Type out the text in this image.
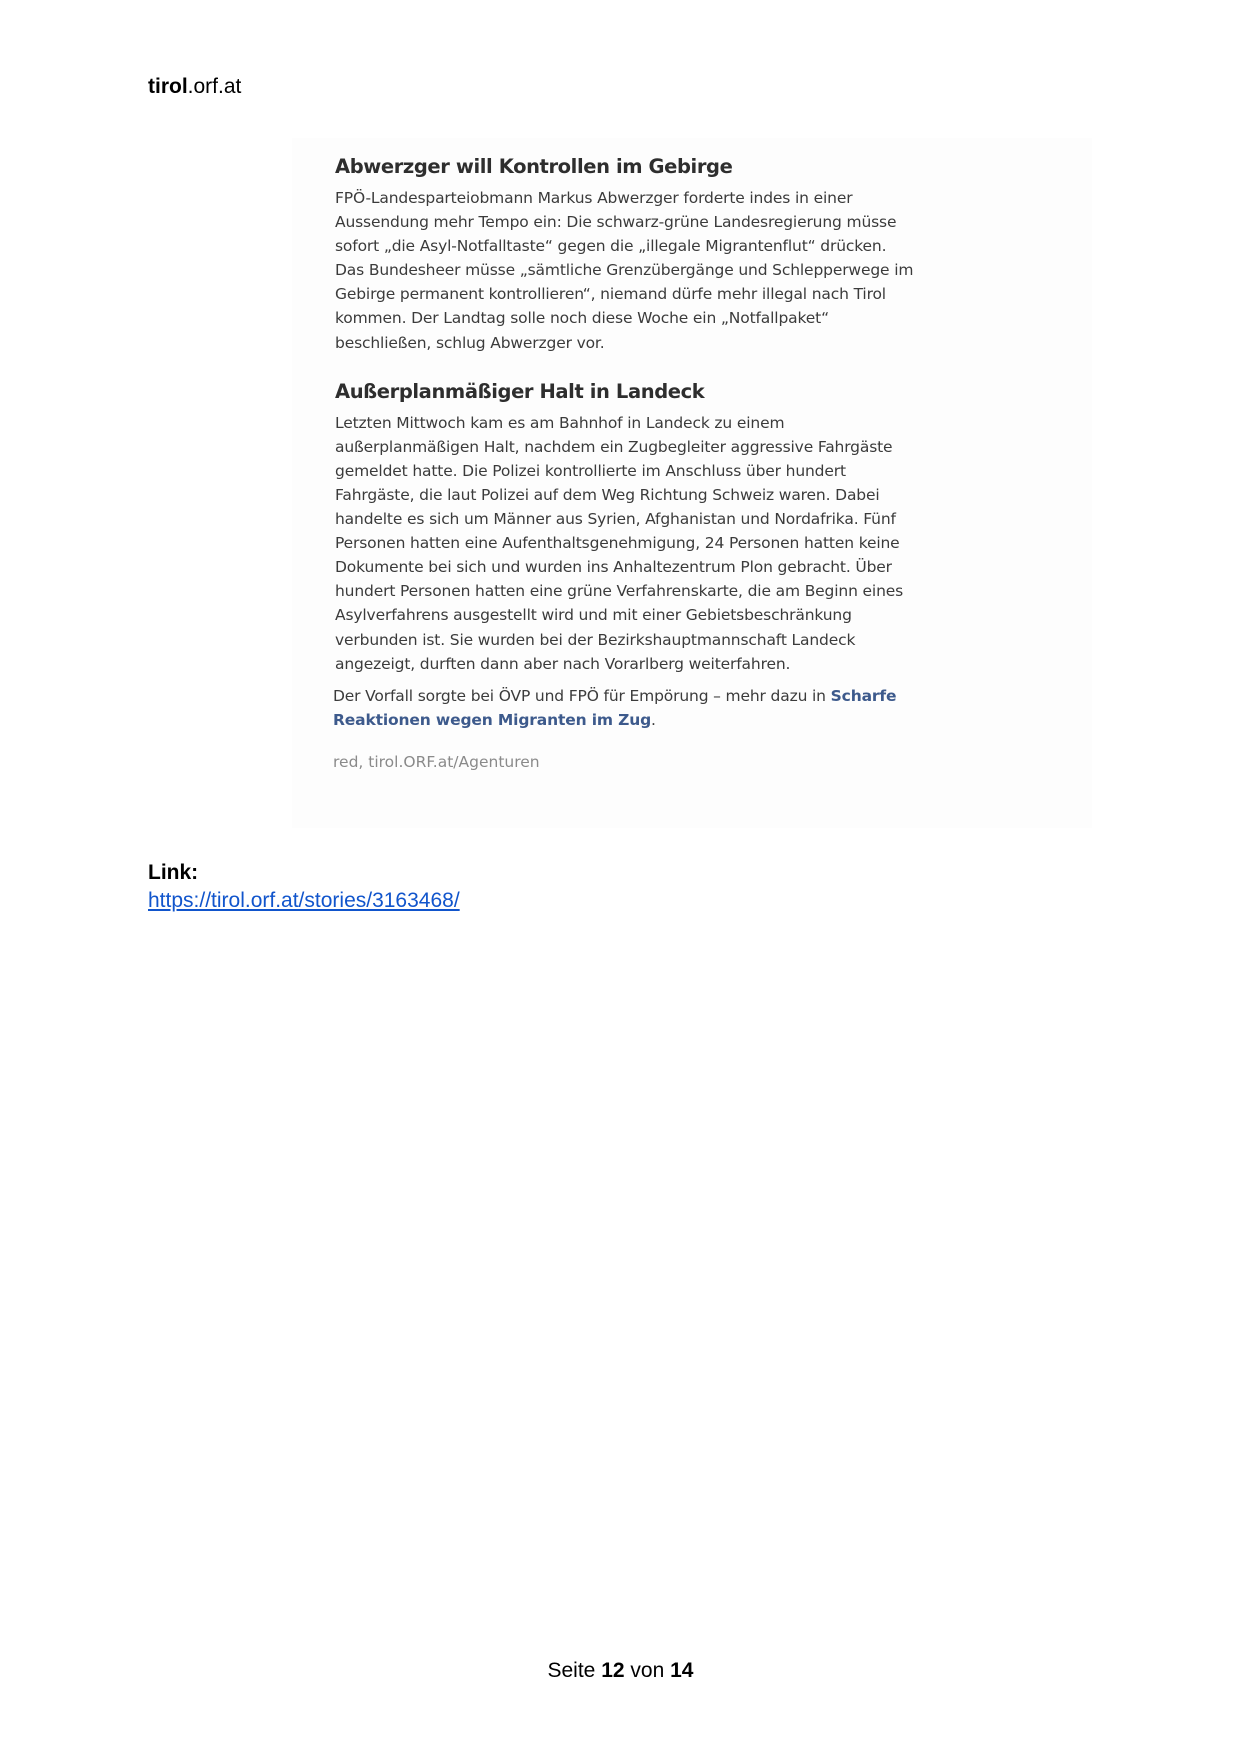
tirol.orf.at
Abwerzger will Kontrollen im Gebirge

FPÖ-Landesparteiobmann Markus Abwerzger forderte indes in einer Aussendung mehr Tempo ein: Die schwarz-grüne Landesregierung müsse sofort „die Asyl-Notfalltaste“ gegen die „illegale Migrantenflut“ drücken. Das Bundesheer müsse „sämtliche Grenzübergänge und Schlepperwege im Gebirge permanent kontrollieren“, niemand dürfe mehr illegal nach Tirol kommen. Der Landtag solle noch diese Woche ein „Notfallpaket“ beschließen, schlug Abwerzger vor.

Außerplanmäßiger Halt in Landeck

Letzten Mittwoch kam es am Bahnhof in Landeck zu einem außerplanmäßigen Halt, nachdem ein Zugbegleiter aggressive Fahrgäste gemeldet hatte. Die Polizei kontrollierte im Anschluss über hundert Fahrgäste, die laut Polizei auf dem Weg Richtung Schweiz waren. Dabei handelte es sich um Männer aus Syrien, Afghanistan und Nordafrika. Fünf Personen hatten eine Aufenthaltsgenehmigung, 24 Personen hatten keine Dokumente bei sich und wurden ins Anhaltezentrum Plon gebracht. Über hundert Personen hatten eine grüne Verfahrenskarte, die am Beginn eines Asylverfahrens ausgestellt wird und mit einer Gebietsbeschränkung verbunden ist. Sie wurden bei der Bezirkshauptmannschaft Landeck angezeigt, durften dann aber nach Vorarlberg weiterfahren.

Der Vorfall sorgte bei ÖVP und FPÖ für Empörung – mehr dazu in Scharfe Reaktionen wegen Migranten im Zug.

red, tirol.ORF.at/Agenturen
Link:
https://tirol.orf.at/stories/3163468/
Seite 12 von 14
